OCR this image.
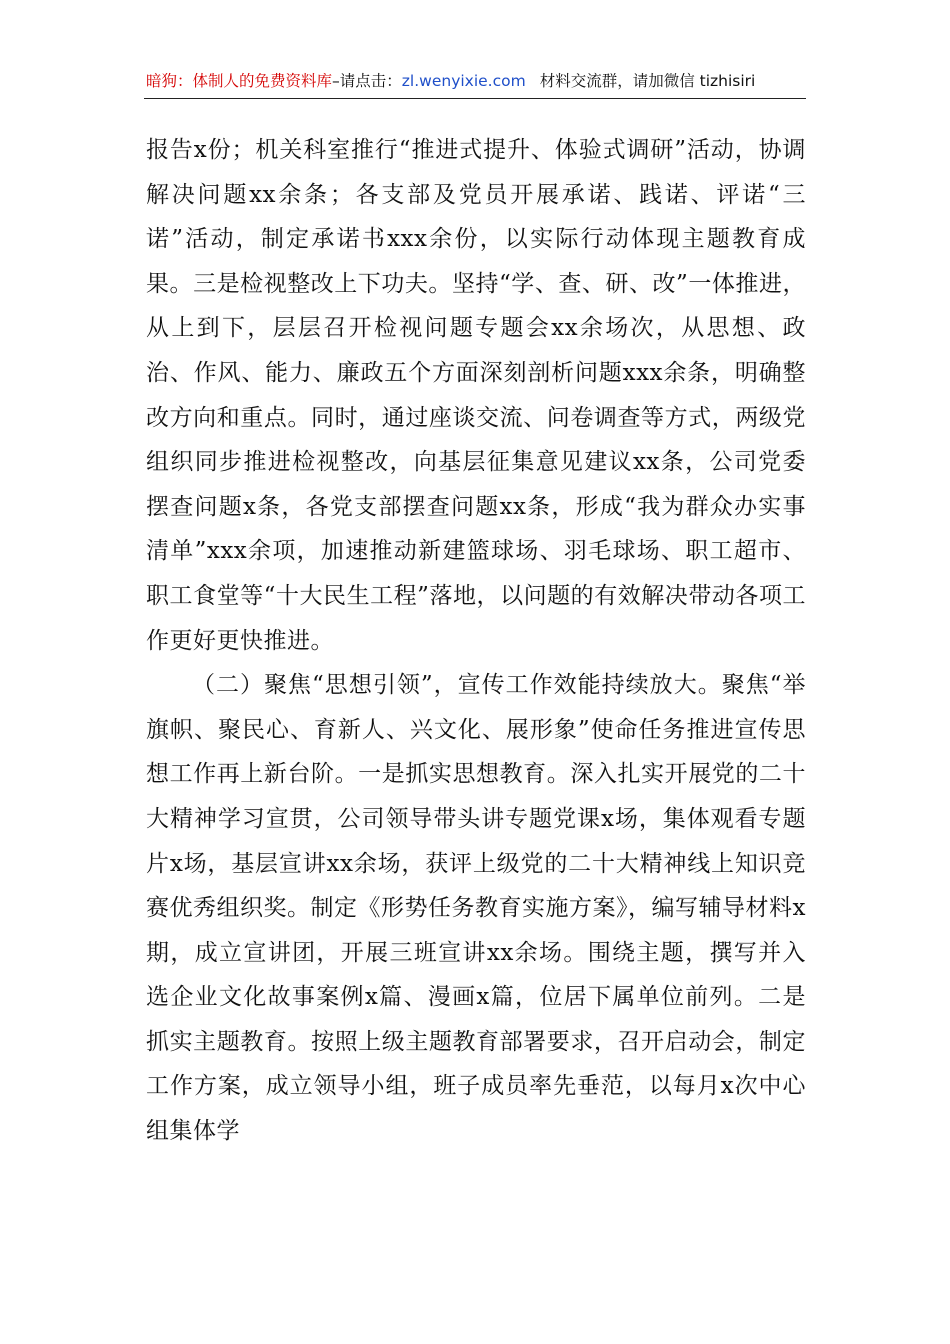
暗狗：体制人的免费资料库–请点击：zl.wenyixie.com 材料交流群，请加微信 tizhisiri

报告x份；机关科室推行“推进式提升、体验式调研”活动，协调解决问题xx余条；各支部及党员开展承诺、践诺、评诺“三诺”活动，制定承诺书xxx余份，以实际行动体现主题教育成果。三是检视整改上下功夫。坚持“学、查、研、改”一体推进，从上到下，层层召开检视问题专题会xx余场次，从思想、政治、作风、能力、廉政五个方面深刻剖析问题xxx余条，明确整改方向和重点。同时，通过座谈交流、问卷调查等方式，两级党组织同步推进检视整改，向基层征集意见建议xx条，公司党委摆查问题x条，各党支部摆查问题xx条，形成“我为群众办实事清单”xxx余项，加速推动新建篮球场、羽毛球场、职工超市、职工食堂等“十大民生工程”落地，以问题的有效解决带动各项工作更好更快推进。

（二）聚焦“思想引领”，宣传工作效能持续放大。聚焦“举旗帜、聚民心、育新人、兴文化、展形象”使命任务推进宣传思想工作再上新台阶。一是抓实思想教育。深入扎实开展党的二十大精神学习宣贯，公司领导带头讲专题党课x场，集体观看专题片x场，基层宣讲xx余场，获评上级党的二十大精神线上知识竞赛优秀组织奖。制定《形势任务教育实施方案》，编写辅导材料x期，成立宣讲团，开展三班宣讲xx余场。围绕主题，撰写并入选企业文化故事案例x篇、漫画x篇，位居下属单位前列。二是抓实主题教育。按照上级主题教育部署要求，召开启动会，制定工作方案，成立领导小组，班子成员率先垂范，以每月x次中心组集体学
